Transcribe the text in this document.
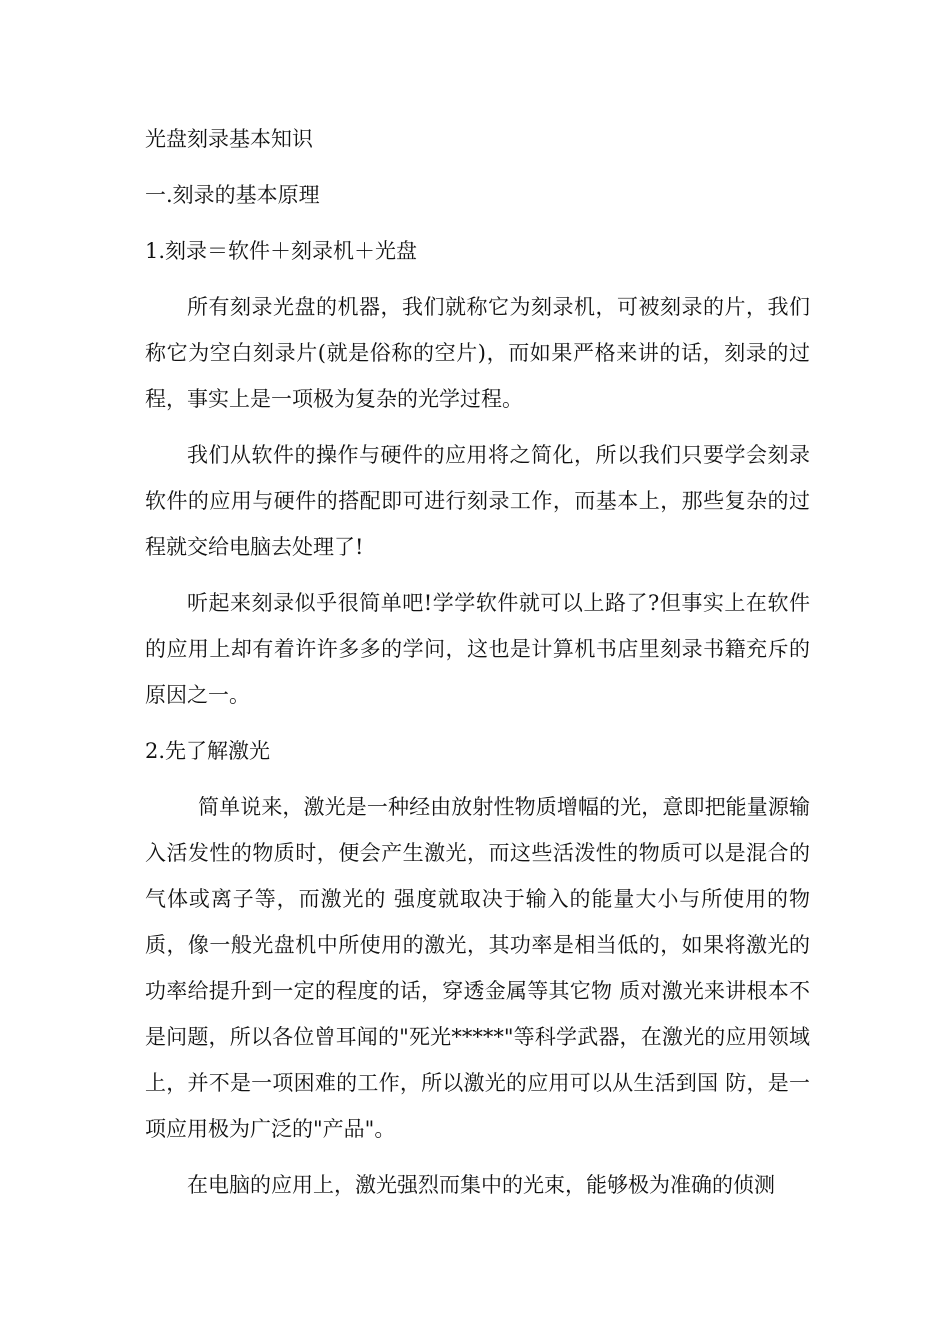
光盘刻录基本知识
一.刻录的基本原理
1.刻录＝软件＋刻录机＋光盘

所有刻录光盘的机器，我们就称它为刻录机，可被刻录的片，我们称它为空白刻录片(就是俗称的空片)，而如果严格来讲的话，刻录的过程，事实上是一项极为复杂的光学过程。

我们从软件的操作与硬件的应用将之简化，所以我们只要学会刻录软件的应用与硬件的搭配即可进行刻录工作，而基本上，那些复杂的过程就交给电脑去处理了!

听起来刻录似乎很简单吧!学学软件就可以上路了?但事实上在软件的应用上却有着许许多多的学问，这也是计算机书店里刻录书籍充斥的原因之一。

2.先了解激光

简单说来，激光是一种经由放射性物质增幅的光，意即把能量源输入活发性的物质时，便会产生激光，而这些活泼性的物质可以是混合的气体或离子等，而激光的 强度就取决于输入的能量大小与所使用的物质，像一般光盘机中所使用的激光，其功率是相当低的，如果将激光的功率给提升到一定的程度的话，穿透金属等其它物 质对激光来讲根本不是问题，所以各位曾耳闻的"死光*****"等科学武器，在激光的应用领域上，并不是一项困难的工作，所以激光的应用可以从生活到国 防，是一项应用极为广泛的"产品"。

在电脑的应用上，激光强烈而集中的光束，能够极为准确的侦测
